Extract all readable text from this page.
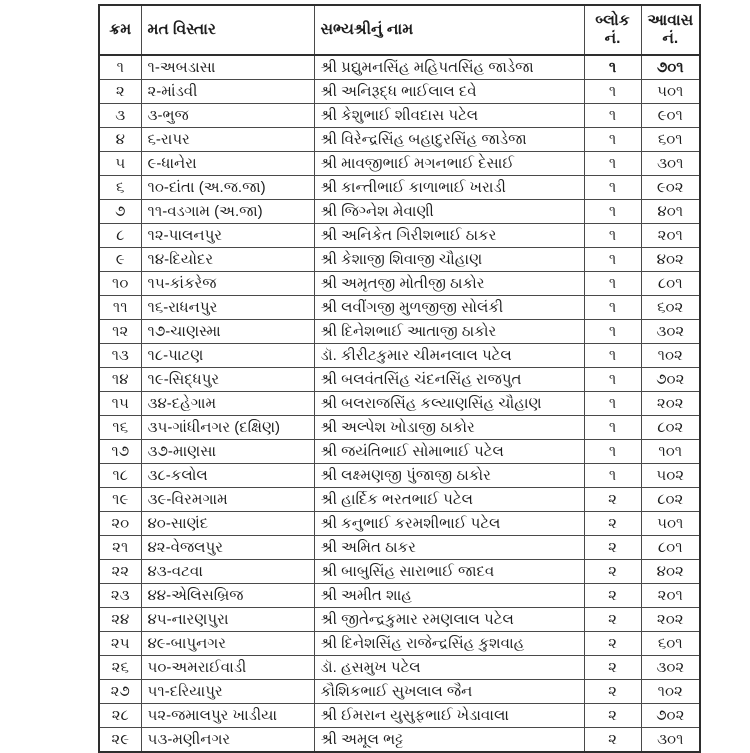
ક્રમ	મત વિસ્તાર	સભ્યશ્રીનું નામ	બ્લોક નં.	આવાસ નં.
૧	૧-અબડાસા	શ્રી પ્રદ્યુમનસિંહ મહિપતસિંહ જાડેજા	૧	૭૦૧
૨	૨-માંડવી	શ્રી અનિરૂદ્ધ ભાઈલાલ દવે	૧	૫૦૧
૩	૩-ભુજ	શ્રી કેશુભાઈ શીવદાસ પટેલ	૧	૯૦૧
૪	૬-રાપર	શ્રી વિરેન્દ્રસિંહ બહાદુરસિંહ જાડેજા	૧	૬૦૧
૫	૯-ધાનેરા	શ્રી માવજીભાઈ મગનભાઈ દેસાઈ	૧	૩૦૧
૬	૧૦-દાંતા (અ.જ.જા)	શ્રી કાન્તીભાઈ કાળાભાઈ ખરાડી	૧	૯૦૨
૭	૧૧-વડગામ (અ.જા)	શ્રી જિગ્નેશ મેવાણી	૧	૪૦૧
૮	૧૨-પાલનપુર	શ્રી અનિકેત ગિરીશભાઈ ઠાકર	૧	૨૦૧
૯	૧૪-દિયોદર	શ્રી કેશાજી શિવાજી ચૌહાણ	૧	૪૦૨
૧૦	૧૫-કાંકરેજ	શ્રી અમૃતજી મોતીજી ઠાકોર	૧	૮૦૧
૧૧	૧૬-રાધનપુર	શ્રી લવીંગજી મુળજીજી સોલંકી	૧	૬૦૨
૧૨	૧૭-ચાણસ્મા	શ્રી દિનેશભાઈ આતાજી ઠાકોર	૧	૩૦૨
૧૩	૧૮-પાટણ	ડૉ. કીરીટકુમાર ચીમનલાલ પટેલ	૧	૧૦૨
૧૪	૧૯-સિદ્ધપુર	શ્રી બલવંતસિંહ ચંદનસિંહ રાજપુત	૧	૭૦૨
૧૫	૩૪-દહેગામ	શ્રી બલરાજસિંહ કલ્યાણસિંહ ચૌહાણ	૧	૨૦૨
૧૬	૩૫-ગાંધીનગર (દક્ષિણ)	શ્રી અલ્પેશ ખોડાજી ઠાકોર	૧	૮૦૨
૧૭	૩૭-માણસા	શ્રી જયંતિભાઈ સોમાભાઈ પટેલ	૧	૧૦૧
૧૮	૩૮-કલોલ	શ્રી લક્ષ્મણજી પુંજાજી ઠાકોર	૧	૫૦૨
૧૯	૩૯-વિરમગામ	શ્રી હાર્દિક ભરતભાઈ પટેલ	૨	૮૦૨
૨૦	૪૦-સાણંદ	શ્રી કનુભાઈ કરમશીભાઈ પટેલ	૨	૫૦૧
૨૧	૪૨-વેજલપુર	શ્રી અમિત ઠાકર	૨	૮૦૧
૨૨	૪૩-વટવા	શ્રી બાબુસિંહ સારાભાઈ જાદવ	૨	૪૦૨
૨૩	૪૪-એલિસબ્રિજ	શ્રી અમીત શાહ	૨	૨૦૧
૨૪	૪૫-નારણપુરા	શ્રી જીતેન્દ્રકુમાર રમણલાલ પટેલ	૨	૨૦૨
૨૫	૪૯-બાપુનગર	શ્રી દિનેશસિંહ રાજેન્દ્રસિંહ કુશવાહ	૨	૬૦૧
૨૬	૫૦-અમરાઈવાડી	ડૉ. હસમુખ પટેલ	૨	૩૦૨
૨૭	૫૧-દરિયાપુર	કૌશિકભાઈ સુખલાલ જૈન	૨	૧૦૨
૨૮	૫૨-જમાલપુર ખાડીયા	શ્રી ઈમરાન યુસુફભાઈ ખેડાવાલા	૨	૭૦૨
૨૯	૫૩-મણીનગર	શ્રી અમૂલ ભટ્ટ	૨	૩૦૧
